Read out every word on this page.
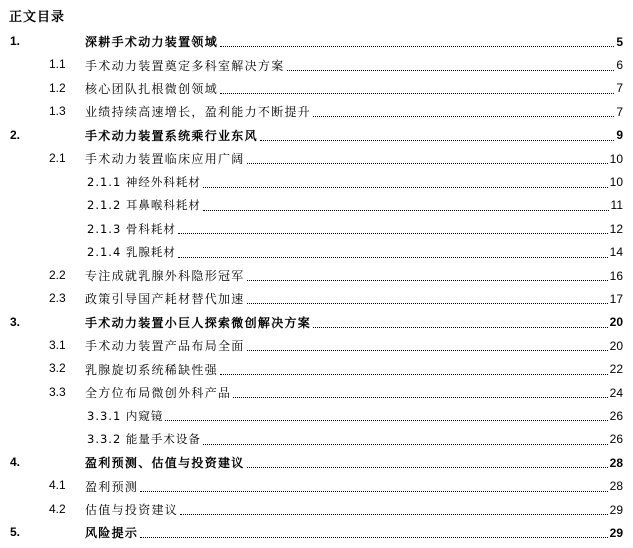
正文目录
1.	深耕手术动力装置领域	5
1.1 手术动力装置奠定多科室解决方案	6
1.2 核心团队扎根微创领域	7
1.3 业绩持续高速增长，盈利能力不断提升	7
2.	手术动力装置系统乘行业东风	9
2.1 手术动力装置临床应用广阔	10
2.1.1 神经外科耗材	10
2.1.2 耳鼻喉科耗材	11
2.1.3 骨科耗材	12
2.1.4 乳腺耗材	14
2.2 专注成就乳腺外科隐形冠军	16
2.3 政策引导国产耗材替代加速	17
3.	手术动力装置小巨人探索微创解决方案	20
3.1 手术动力装置产品布局全面	20
3.2 乳腺旋切系统稀缺性强	22
3.3 全方位布局微创外科产品	24
3.3.1 内窥镜	26
3.3.2 能量手术设备	26
4.	盈利预测、估值与投资建议	28
4.1 盈利预测	28
4.2 估值与投资建议	29
5.	风险提示	29
